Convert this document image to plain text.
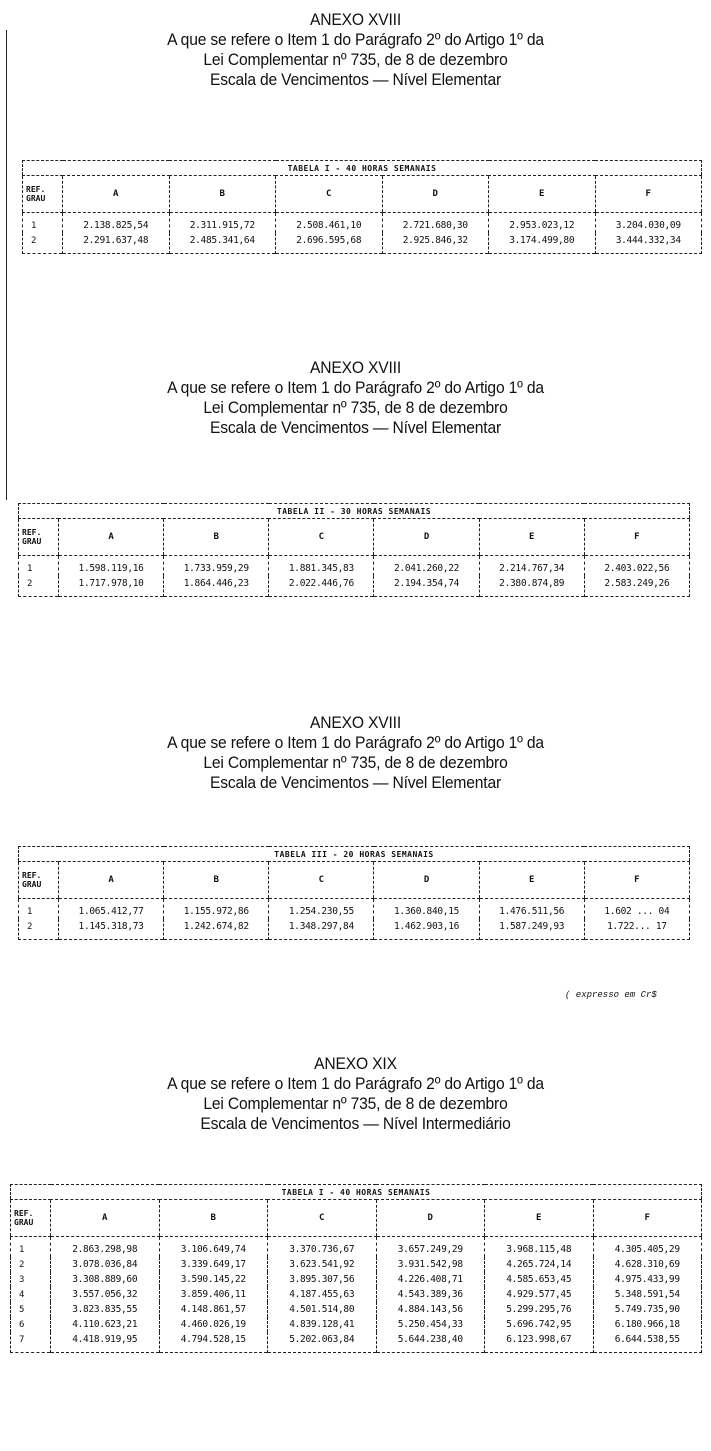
ANEXO XVIII
A que se refere o Item 1 do Parágrafo 2º do Artigo 1º da
Lei Complementar nº 735, de 8 de dezembro
Escala de Vencimentos — Nível Elementar
TABELA I - 40 HORAS SEMANAIS						
REF. GRAU	A	B	C	D	E	F
1	2.138.825,54	2.311.915,72	2.508.461,10	2.721.680,30	2.953.023,12	3.204.030,09
2	2.291.637,48	2.485.341,64	2.696.595,68	2.925.846,32	3.174.499,80	3.444.332,34
ANEXO XVIII
A que se refere o Item 1 do Parágrafo 2º do Artigo 1º da
Lei Complementar nº 735, de 8 de dezembro
Escala de Vencimentos — Nível Elementar
TABELA II - 30 HORAS SEMANAIS						
REF. GRAU	A	B	C	D	E	F
1	1.598.119,16	1.733.959,29	1.881.345,83	2.041.260,22	2.214.767,34	2.403.022,56
2	1.717.978,10	1.864.446,23	2.022.446,76	2.194.354,74	2.380.874,89	2.583.249,26
ANEXO XVIII
A que se refere o Item 1 do Parágrafo 2º do Artigo 1º da
Lei Complementar nº 735, de 8 de dezembro
Escala de Vencimentos — Nível Elementar
TABELA III - 20 HORAS SEMANAIS						
REF. GRAU	A	B	C	D	E	F
1	1.065.412,77	1.155.972,86	1.254.230,55	1.360.840,15	1.476.511,56	1.602 ... 04
2	1.145.318,73	1.242.674,82	1.348.297,84	1.462.903,16	1.587.249,93	1.722... 17
( expresso em Cr$
ANEXO XIX
A que se refere o Item 1 do Parágrafo 2º do Artigo 1º da
Lei Complementar nº 735, de 8 de dezembro
Escala de Vencimentos — Nível Intermediário
TABELA I - 40 HORAS SEMANAIS						
REF. GRAU	A	B	C	D	E	F
1	2.863.298,98	3.106.649,74	3.370.736,67	3.657.249,29	3.968.115,48	4.305.405,29
2	3.078.036,84	3.339.649,17	3.623.541,92	3.931.542,98	4.265.724,14	4.628.310,69
3	3.308.889,60	3.590.145,22	3.895.307,56	4.226.408,71	4.585.653,45	4.975.433,99
4	3.557.056,32	3.859.406,11	4.187.455,63	4.543.389,36	4.929.577,45	5.348.591,54
5	3.823.835,55	4.148.861,57	4.501.514,80	4.884.143,56	5.299.295,76	5.749.735,90
6	4.110.623,21	4.460.026,19	4.839.128,41	5.250.454,33	5.696.742,95	6.180.966,18
7	4.418.919,95	4.794.528,15	5.202.063,84	5.644.238,40	6.123.998,67	6.644.538,55
